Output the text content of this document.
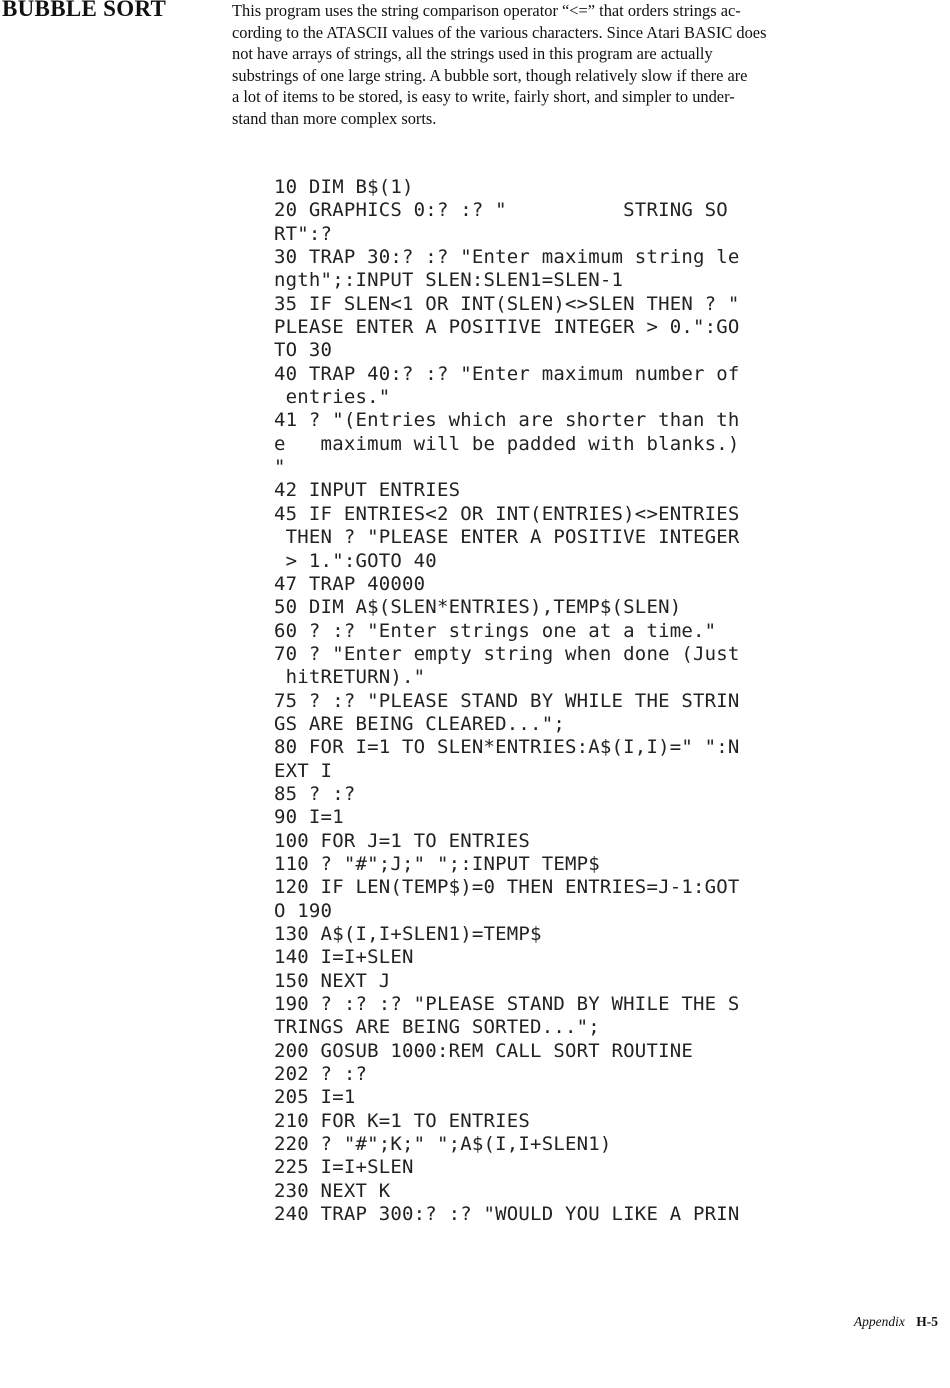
BUBBLE SORT	This program uses the string comparison operator “<=” that orders strings ac-
cording to the ATASCII values of the various characters. Since Atari BASIC does
not have arrays of strings, all the strings used in this program are actually
substrings of one large string. A bubble sort, though relatively slow if there are
a lot of items to be stored, is easy to write, fairly short, and simpler to under-
stand than more complex sorts.
10 DIM B$(1)
20 GRAPHICS 0:? :? "          STRING SO
RT":?
30 TRAP 30:? :? "Enter maximum string le
ngth";:INPUT SLEN:SLEN1=SLEN-1
35 IF SLEN<1 OR INT(SLEN)<>SLEN THEN ? "
PLEASE ENTER A POSITIVE INTEGER > 0.":GO
TO 30
40 TRAP 40:? :? "Enter maximum number of
entries."
41 ? "(Entries which are shorter than th
e   maximum will be padded with blanks.)
"
42 INPUT ENTRIES
45 IF ENTRIES<2 OR INT(ENTRIES)<>ENTRIES
THEN ? "PLEASE ENTER A POSITIVE INTEGER
> 1.":GOTO 40
47 TRAP 40000
50 DIM A$(SLEN*ENTRIES),TEMP$(SLEN)
60 ? :? "Enter strings one at a time."
70 ? "Enter empty string when done (Just
hitRETURN)."
75 ? :? "PLEASE STAND BY WHILE THE STRIN
GS ARE BEING CLEARED...";
80 FOR I=1 TO SLEN*ENTRIES:A$(I,I)=" ":N
EXT I
85 ? :?
90 I=1
100 FOR J=1 TO ENTRIES
110 ? "#";J;" ";:INPUT TEMP$
120 IF LEN(TEMP$)=0 THEN ENTRIES=J-1:GOT
O 190
130 A$(I,I+SLEN1)=TEMP$
140 I=I+SLEN
150 NEXT J
190 ? :? :? "PLEASE STAND BY WHILE THE S
TRINGS ARE BEING SORTED...";
200 GOSUB 1000:REM CALL SORT ROUTINE
202 ? :?
205 I=1
210 FOR K=1 TO ENTRIES
220 ? "#";K;" ";A$(I,I+SLEN1)
225 I=I+SLEN
230 NEXT K
240 TRAP 300:? :? "WOULD YOU LIKE A PRIN
Appendix H-5
